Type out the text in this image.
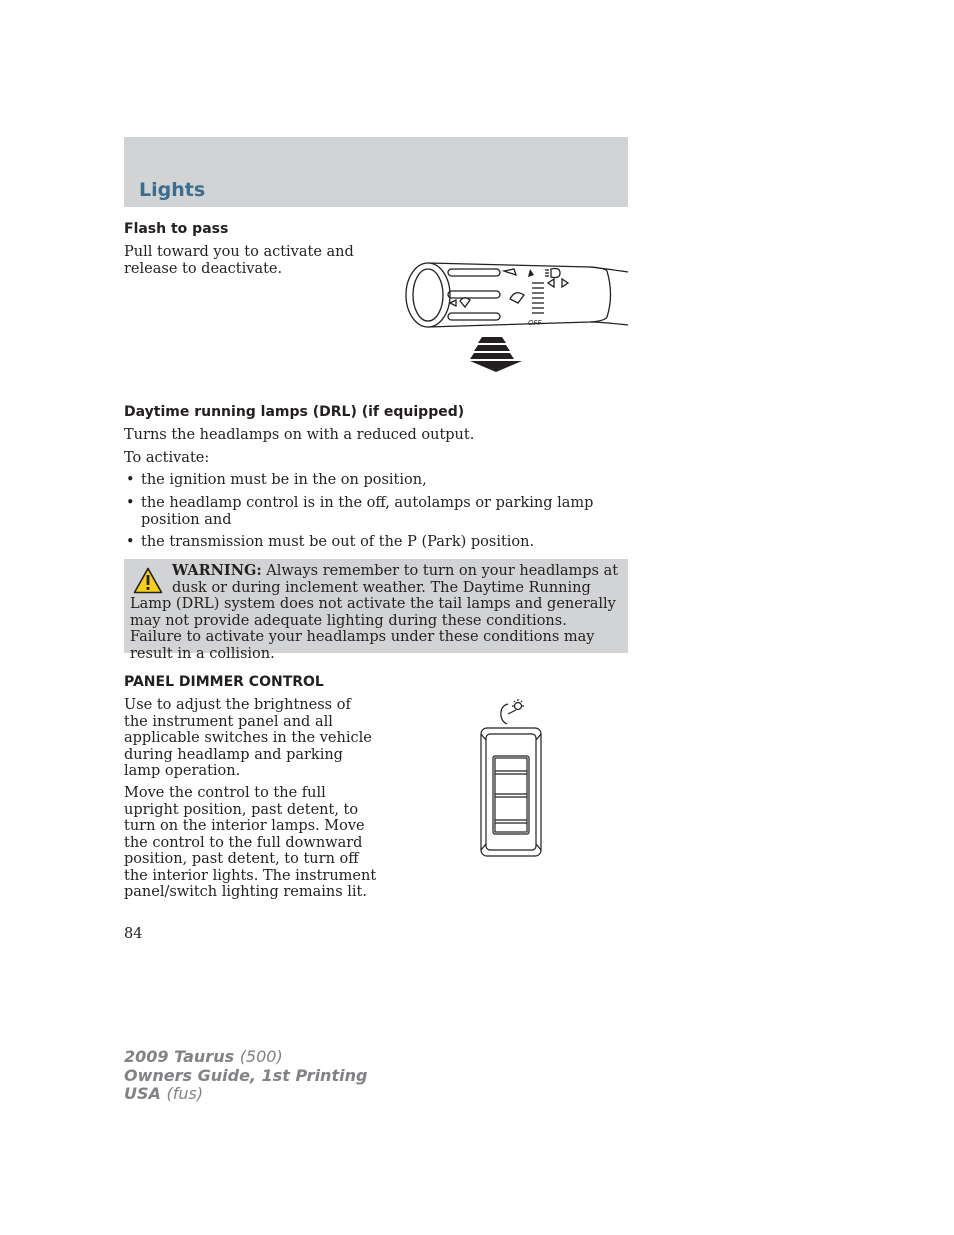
Lights
Flash to pass

Pull toward you to activate and release to deactivate.

OFF
Daytime running lamps (DRL) (if equipped)

Turns the headlamps on with a reduced output.

To activate:

• the ignition must be in the on position,
• the headlamp control is in the off, autolamps or parking lamp position and
• the transmission must be out of the P (Park) position.

WARNING: Always remember to turn on your headlamps at dusk or during inclement weather. The Daytime Running Lamp (DRL) system does not activate the tail lamps and generally may not provide adequate lighting during these conditions. Failure to activate your headlamps under these conditions may result in a collision.

PANEL DIMMER CONTROL

Use to adjust the brightness of the instrument panel and all applicable switches in the vehicle during headlamp and parking lamp operation.

Move the control to the full upright position, past detent, to turn on the interior lamps. Move the control to the full downward position, past detent, to turn off the interior lights. The instrument panel/switch lighting remains lit.

84

2009 Taurus (500)
Owners Guide, 1st Printing
USA (fus)
